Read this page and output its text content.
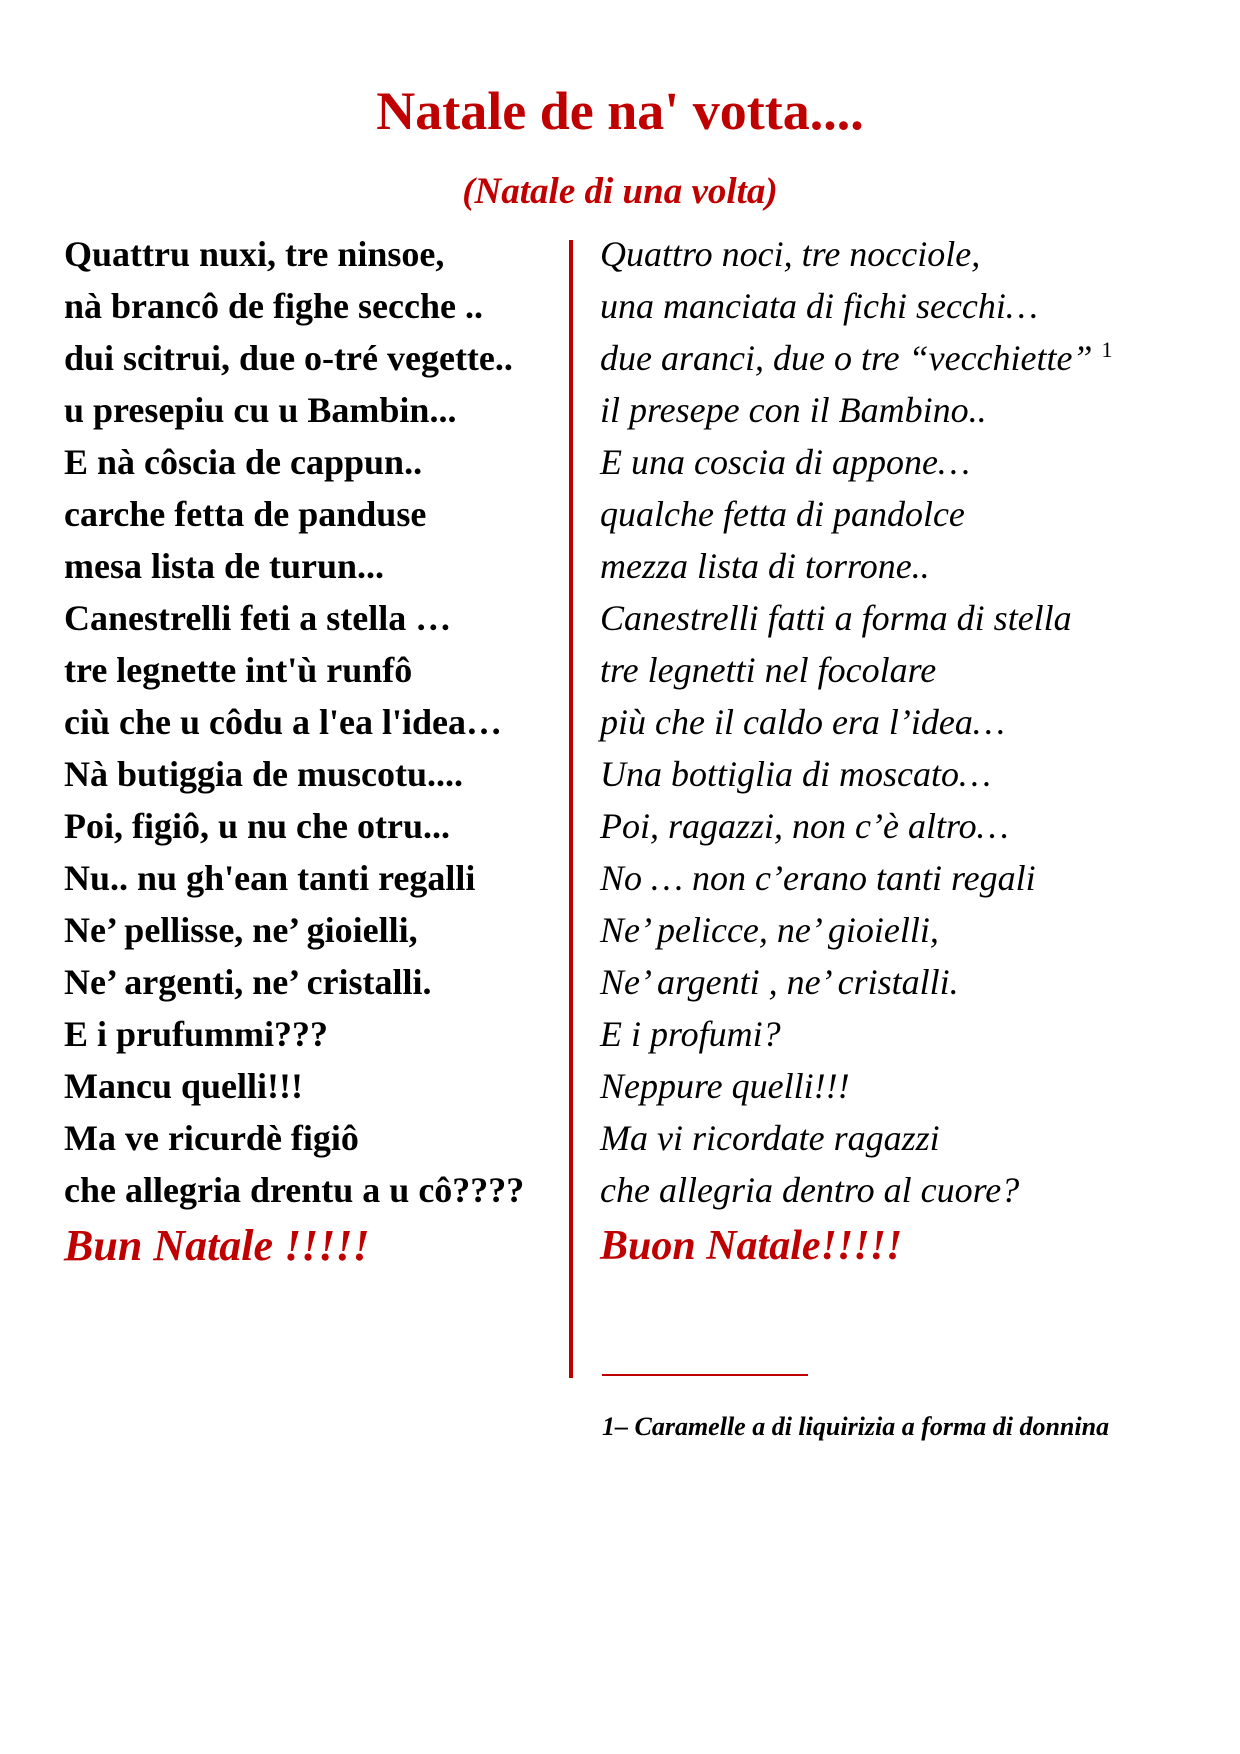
Natale de na' votta....
(Natale di una volta)
Quattru nuxi, tre ninsoe,
nà brancô de fighe secche ..
dui scitrui, due o-tré vegette..
u presepiu cu u Bambin...
E nà côscia de cappun..
carche fetta de panduse
mesa lista de turun...
Canestrelli feti a stella …
tre legnette int'ù runfô
ciù che u côdu a l'ea l'idea…
Nà butiggia de muscotu....
Poi, figiô, u nu che otru...
Nu.. nu gh'ean tanti regalli
Ne’ pellisse, ne’ gioielli,
Ne’ argenti, ne’ cristalli.
E i prufummi???
Mancu quelli!!!
Ma ve ricurdè figiô
che allegria drentu a u cô????
Bun Natale !!!!!
Quattro noci, tre nocciole,
una manciata di fichi secchi…
due aranci, due o tre “vecchiette” $^1$
il presepe con il Bambino..
E una coscia di appone…
qualche fetta di pandolce
mezza lista di torrone..
Canestrelli fatti a forma di stella
tre legnetti nel focolare
più che il caldo era l’idea…
Una bottiglia di moscato…
Poi, ragazzi, non c’è altro…
No … non c’erano tanti regali
Ne’ pelicce, ne’ gioielli,
Ne’ argenti , ne’ cristalli.
E i profumi?
Neppure quelli!!!
Ma vi ricordate ragazzi
che allegria dentro al cuore?
Buon Natale!!!!!
1– Caramelle a di liquirizia a forma di donnina
